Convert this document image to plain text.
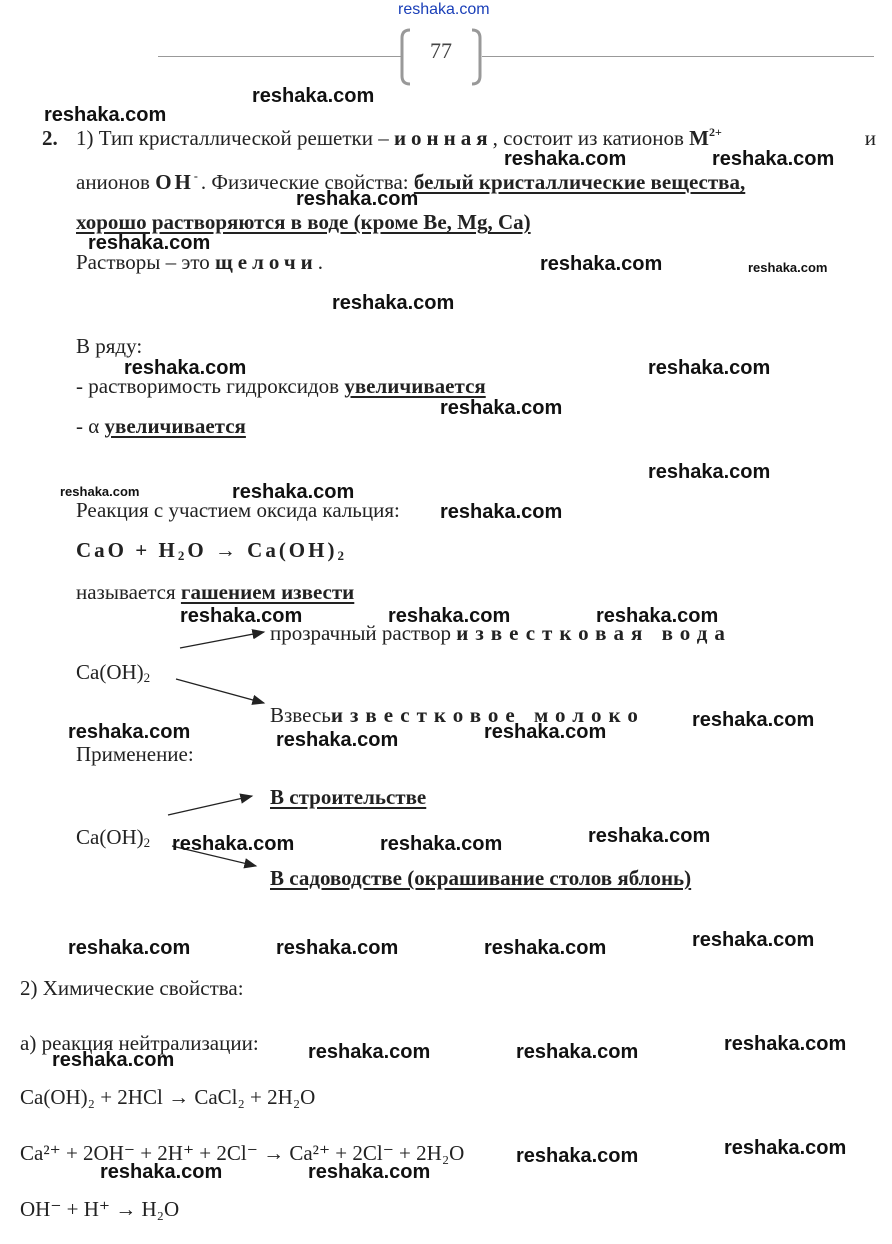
reshaka.com
77
2. 1) Тип кристаллической решетки – ионная, состоит из катионов $M^{2+}$	и
анионов OH-. Физические свойства: белый кристаллические вещества,
хорошо растворяются в воде (кроме Be, Mg, Ca)
Растворы – это щелочи.
В ряду:
- растворимость гидроксидов увеличивается
- α увеличивается
Реакция с участием оксида кальция:
CaO + $H_2O \to Ca(OH)_2$
называется гашением извести
прозрачный раствор известковая вода
$Ca(OH)_2$
Взвесьизвестковое молоко
Применение:
В строительстве
$Ca(OH)_2$
В садоводстве (окрашивание столов яблонь)
2) Химические свойства:
а) реакция нейтрализации:
Ca(OH)₂ + 2HCl → CaCl₂ + 2H₂O
Ca²⁺ + 2OH⁻ + 2H⁺ + 2Cl⁻ → Ca²⁺ + 2Cl⁻ + 2H₂O
OH⁻ + H⁺ → H₂O
reshaka.com
reshaka.com
reshaka.com	reshaka.com
reshaka.com
reshaka.com
reshaka.com	reshaka.com
reshaka.com
reshaka.com	reshaka.com
reshaka.com
reshaka.com
reshaka.com	reshaka.com
reshaka.com
reshaka.com	reshaka.com	reshaka.com
reshaka.com
reshaka.com	reshaka.com
reshaka.com
reshaka.com
reshaka.com	reshaka.com
reshaka.com
reshaka.com	reshaka.com	reshaka.com
reshaka.com
reshaka.com	reshaka.com
reshaka.com
reshaka.com
reshaka.com
reshaka.com	reshaka.com
